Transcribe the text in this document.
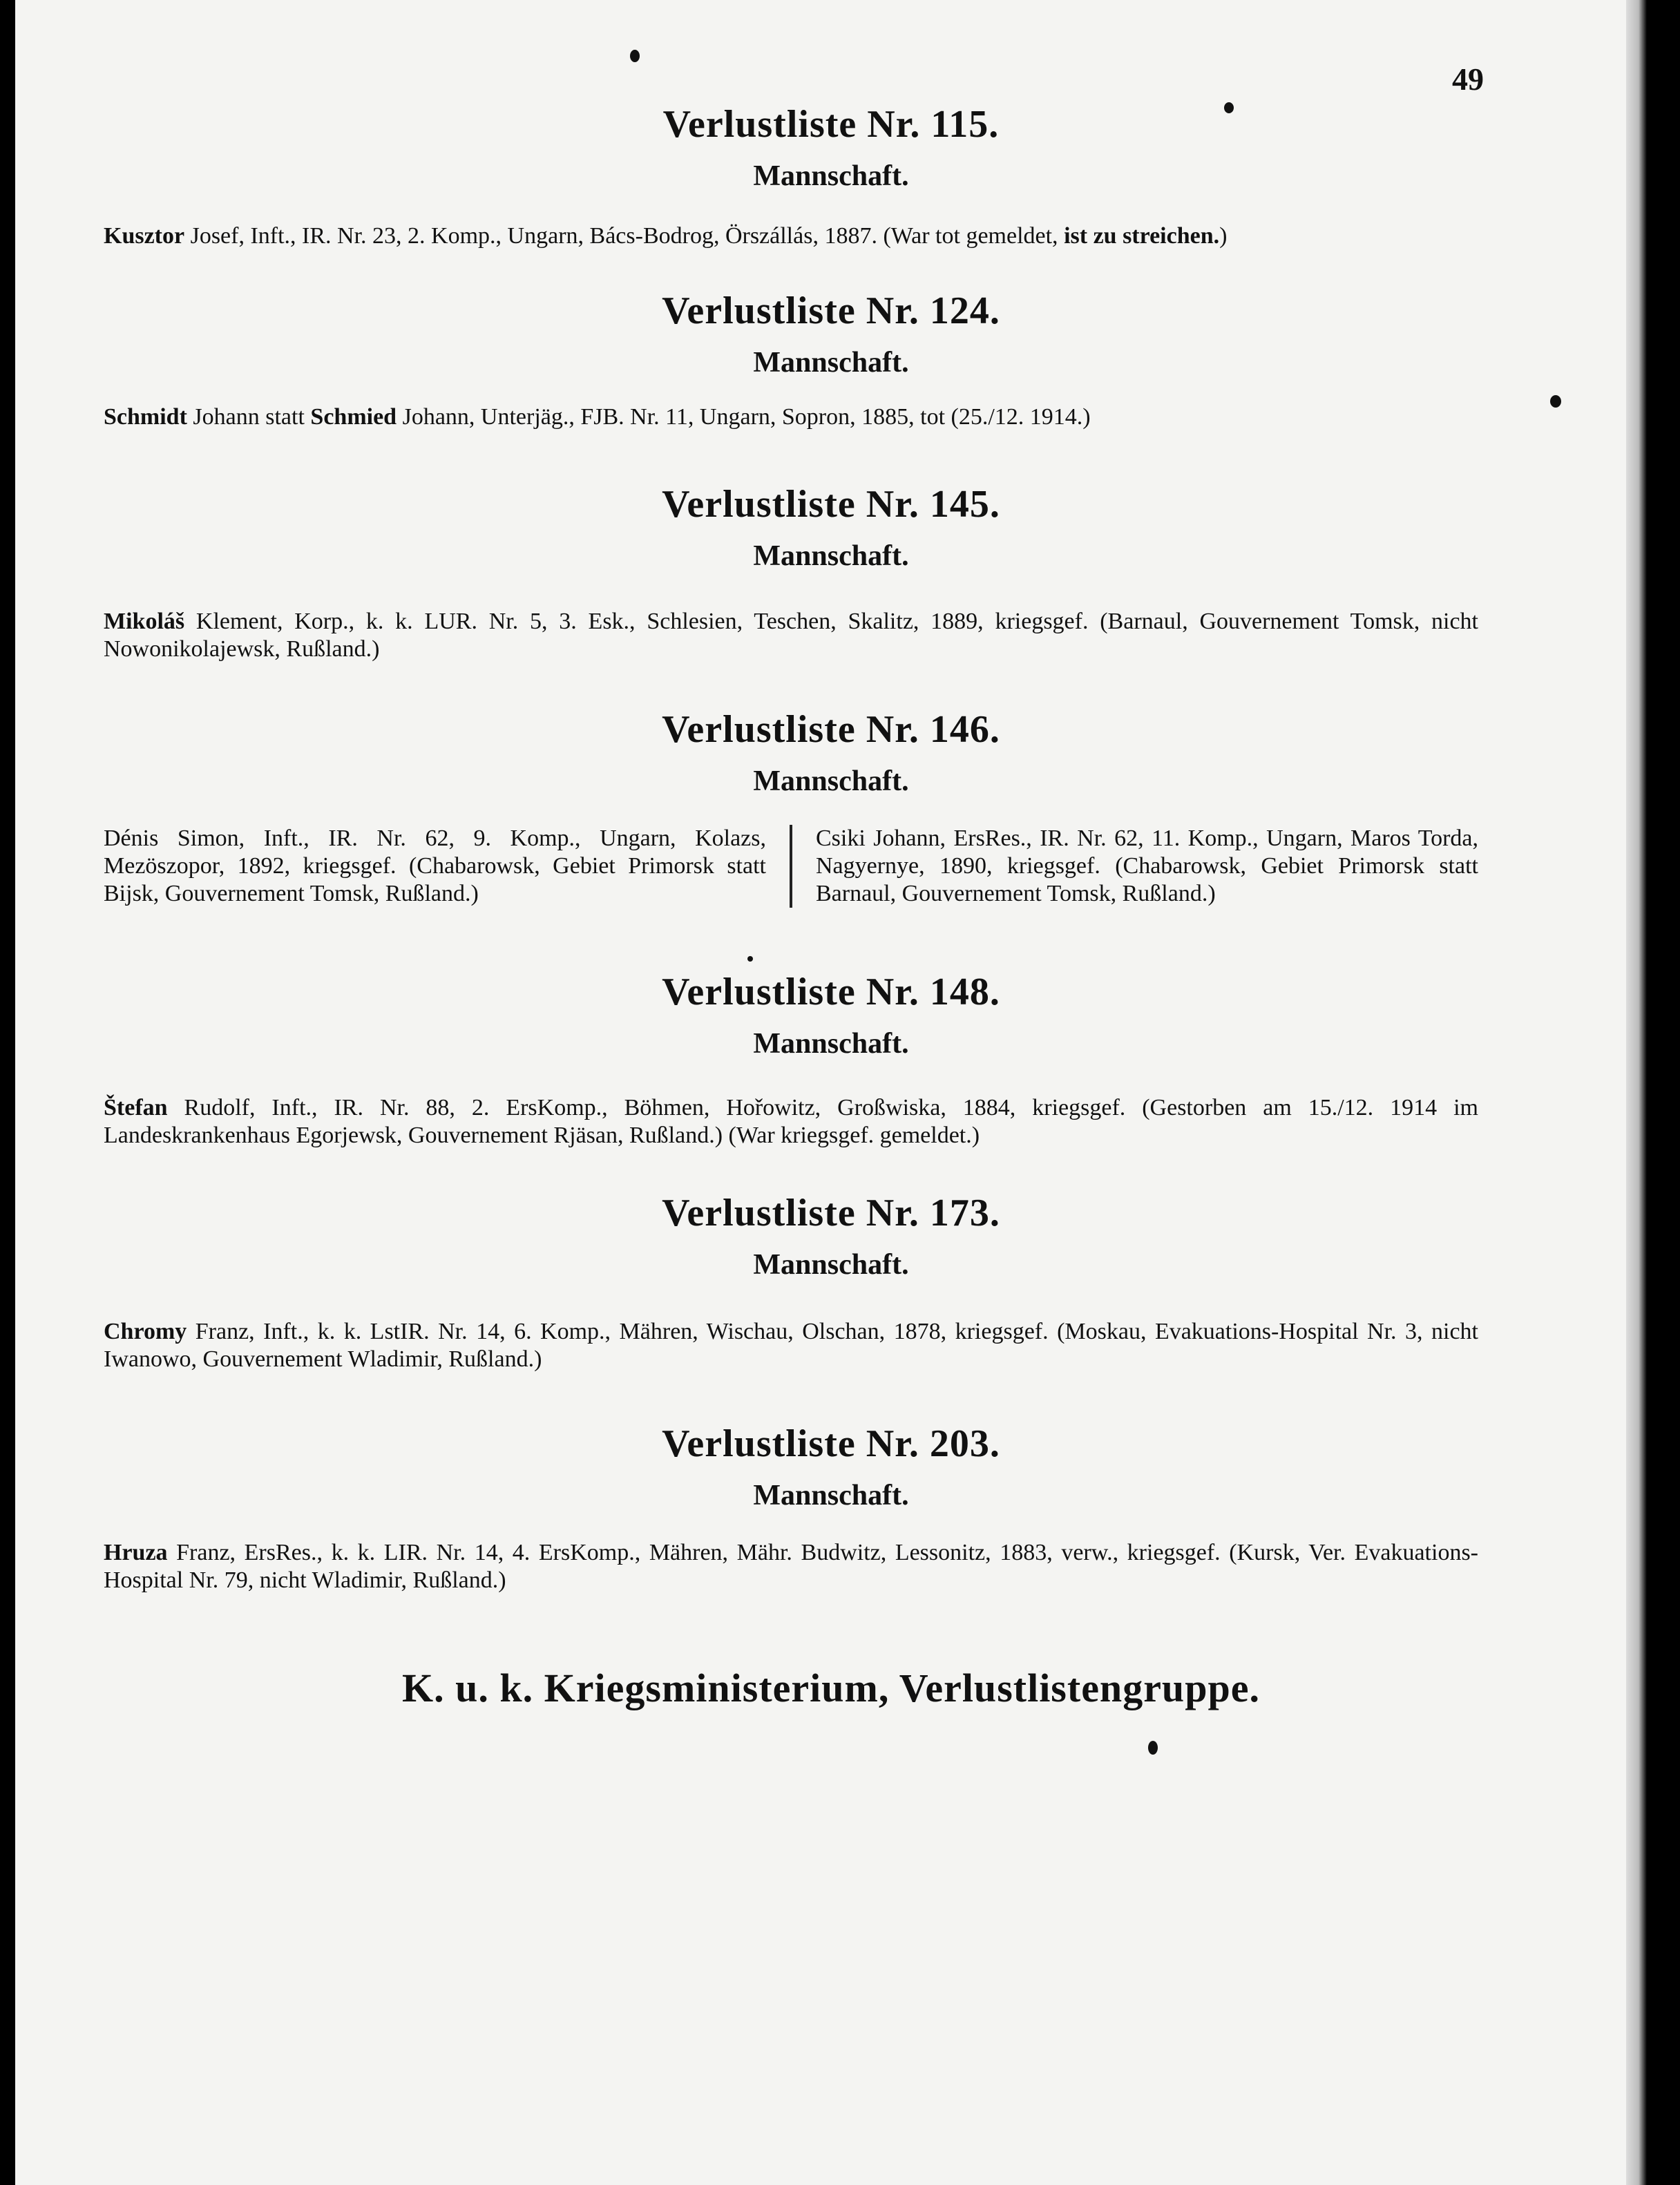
49
Verlustliste Nr. 115.
Mannschaft.
Kusztor Josef, Inft., IR. Nr. 23, 2. Komp., Ungarn, Bács-Bodrog, Örszállás, 1887. (War tot gemeldet, ist zu streichen.)
Verlustliste Nr. 124.
Mannschaft.
Schmidt Johann statt Schmied Johann, Unterjäg., FJB. Nr. 11, Ungarn, Sopron, 1885, tot (25./12. 1914.)
Verlustliste Nr. 145.
Mannschaft.
Mikoláš Klement, Korp., k. k. LUR. Nr. 5, 3. Esk., Schlesien, Teschen, Skalitz, 1889, kriegsgef. (Barnaul, Gouvernement Tomsk, nicht Nowonikolajewsk, Rußland.)
Verlustliste Nr. 146.
Mannschaft.
Dénis Simon, Inft., IR. Nr. 62, 9. Komp., Ungarn, Kolazs, Mezöszopor, 1892, kriegsgef. (Chabarowsk, Gebiet Primorsk statt Bijsk, Gouvernement Tomsk, Rußland.)
Csiki Johann, ErsRes., IR. Nr. 62, 11. Komp., Ungarn, Maros Torda, Nagyernye, 1890, kriegsgef. (Chabarowsk, Gebiet Primorsk statt Barnaul, Gouvernement Tomsk, Rußland.)
Verlustliste Nr. 148.
Mannschaft.
Štefan Rudolf, Inft., IR. Nr. 88, 2. ErsKomp., Böhmen, Hořowitz, Großwiska, 1884, kriegsgef. (Gestorben am 15./12. 1914 im Landeskrankenhaus Egorjewsk, Gouvernement Rjäsan, Rußland.) (War kriegsgef. gemeldet.)
Verlustliste Nr. 173.
Mannschaft.
Chromy Franz, Inft., k. k. LstIR. Nr. 14, 6. Komp., Mähren, Wischau, Olschan, 1878, kriegsgef. (Moskau, Evakuations-Hospital Nr. 3, nicht Iwanowo, Gouvernement Wladimir, Rußland.)
Verlustliste Nr. 203.
Mannschaft.
Hruza Franz, ErsRes., k. k. LIR. Nr. 14, 4. ErsKomp., Mähren, Mähr. Budwitz, Lessonitz, 1883, verw., kriegsgef. (Kursk, Ver. Evakuations-Hospital Nr. 79, nicht Wladimir, Rußland.)
K. u. k. Kriegsministerium, Verlustlistengruppe.
